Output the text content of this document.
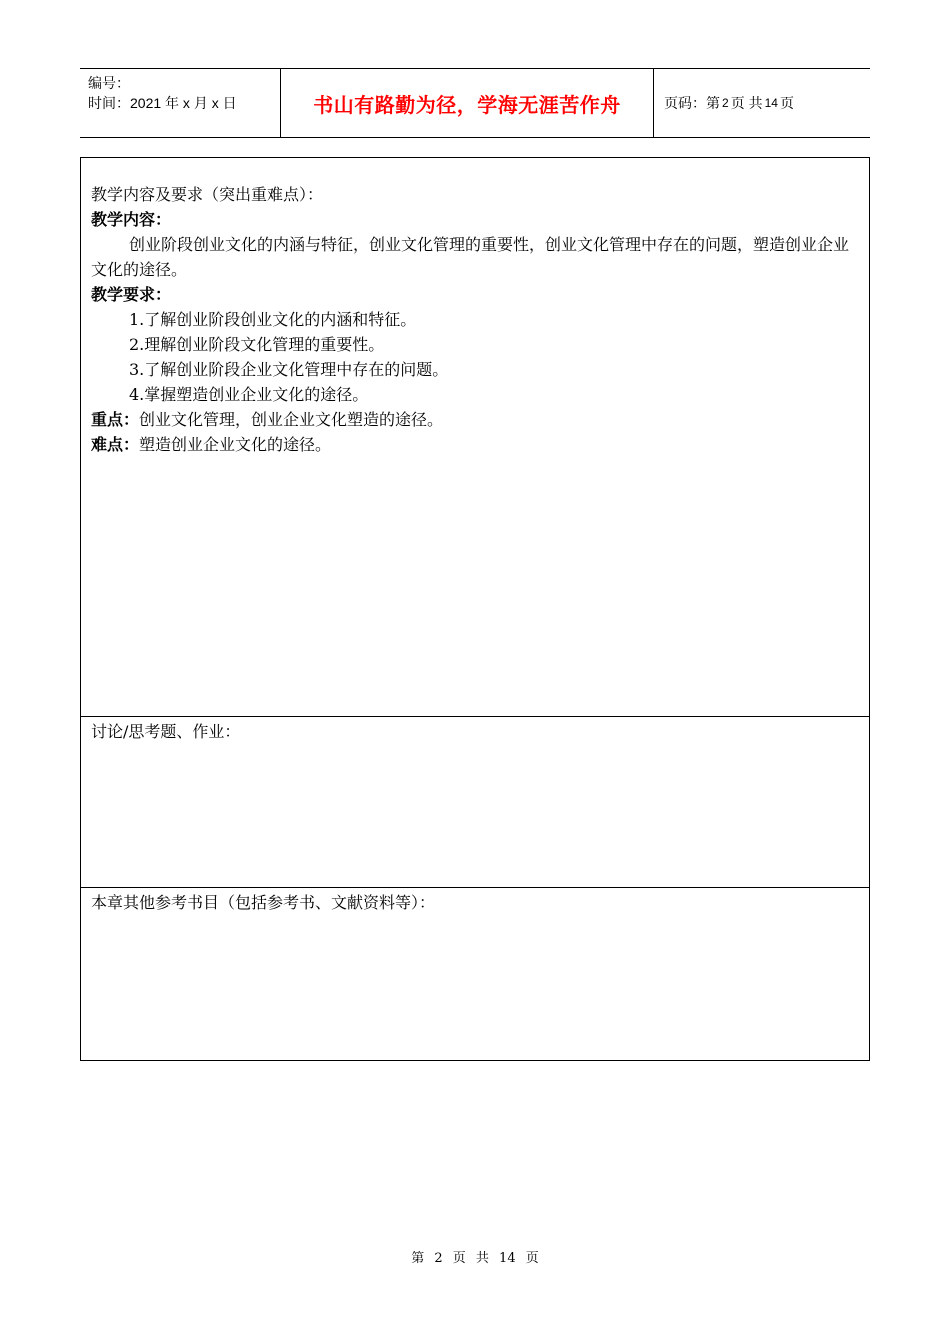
编号：
时间：2021 年 x 月 x 日	书山有路勤为径，学海无涯苦作舟	页码：第 2 页 共 14 页

教学内容及要求（突出重难点）：

教学内容：

创业阶段创业文化的内涵与特征，创业文化管理的重要性，创业文化管理中存在的问题，塑造创业企业文化的途径。

教学要求：

1.了解创业阶段创业文化的内涵和特征。

2.理解创业阶段文化管理的重要性。

3.了解创业阶段企业文化管理中存在的问题。

4.掌握塑造创业企业文化的途径。

重点：创业文化管理，创业企业文化塑造的途径。

难点：塑造创业企业文化的途径。

讨论/思考题、作业：

本章其他参考书目（包括参考书、文献资料等）：

第 2 页 共 14 页
